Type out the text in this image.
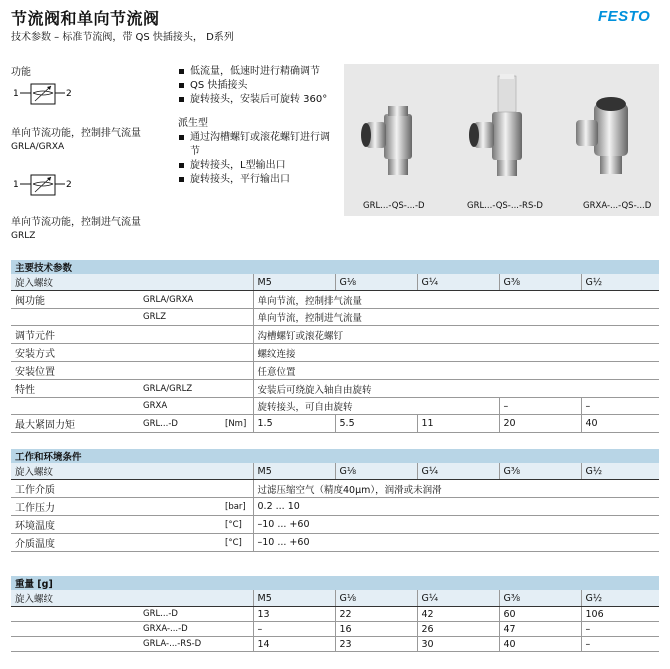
节流阀和单向节流阀
技术参数 – 标准节流阀，带 QS 快插接头， D系列
FESTO
功能
1	2
单向节流功能，控制排气流量
GRLA/GRXA
1	2
单向节流功能，控制进气流量
GRLZ
低流量，低速时进行精确调节
QS 快插接头
旋转接头，安装后可旋转 360°
派生型
通过沟槽螺钉或滚花螺钉进行调节
旋转接头，L型输出口
旋转接头，平行输出口
GRL...-QS-...-D	GRL...-QS-...-RS-D	GRXA-...-QS-...D
主要技术参数							
旋入螺纹			M5	G⅛	G¼	G⅜	G½
阀功能	GRLA/GRXA		单向节流，控制排气流量				
	GRLZ		单向节流，控制进气流量				
调节元件			沟槽螺钉或滚花螺钉				
安装方式			螺纹连接				
安装位置			任意位置				
特性	GRLA/GRLZ		安装后可绕旋入轴自由旋转				
	GRXA		旋转接头，可自由旋转			–	–
最大紧固力矩	GRL...-D	[Nm]	1.5	5.5	11	20	40
工作和环境条件							
旋入螺纹			M5	G⅛	G¼	G⅜	G½
工作介质			过滤压缩空气（精度40μm），润滑或未润滑				
工作压力		[bar]	0.2 ... 10				
环境温度		[°C]	–10 ... +60				
介质温度		[°C]	–10 ... +60				
重量 [g]							
旋入螺纹			M5	G⅛	G¼	G⅜	G½
	GRL...-D		13	22	42	60	106
	GRXA-...-D		–	16	26	47	–
	GRLA-...-RS-D		14	23	30	40	–
